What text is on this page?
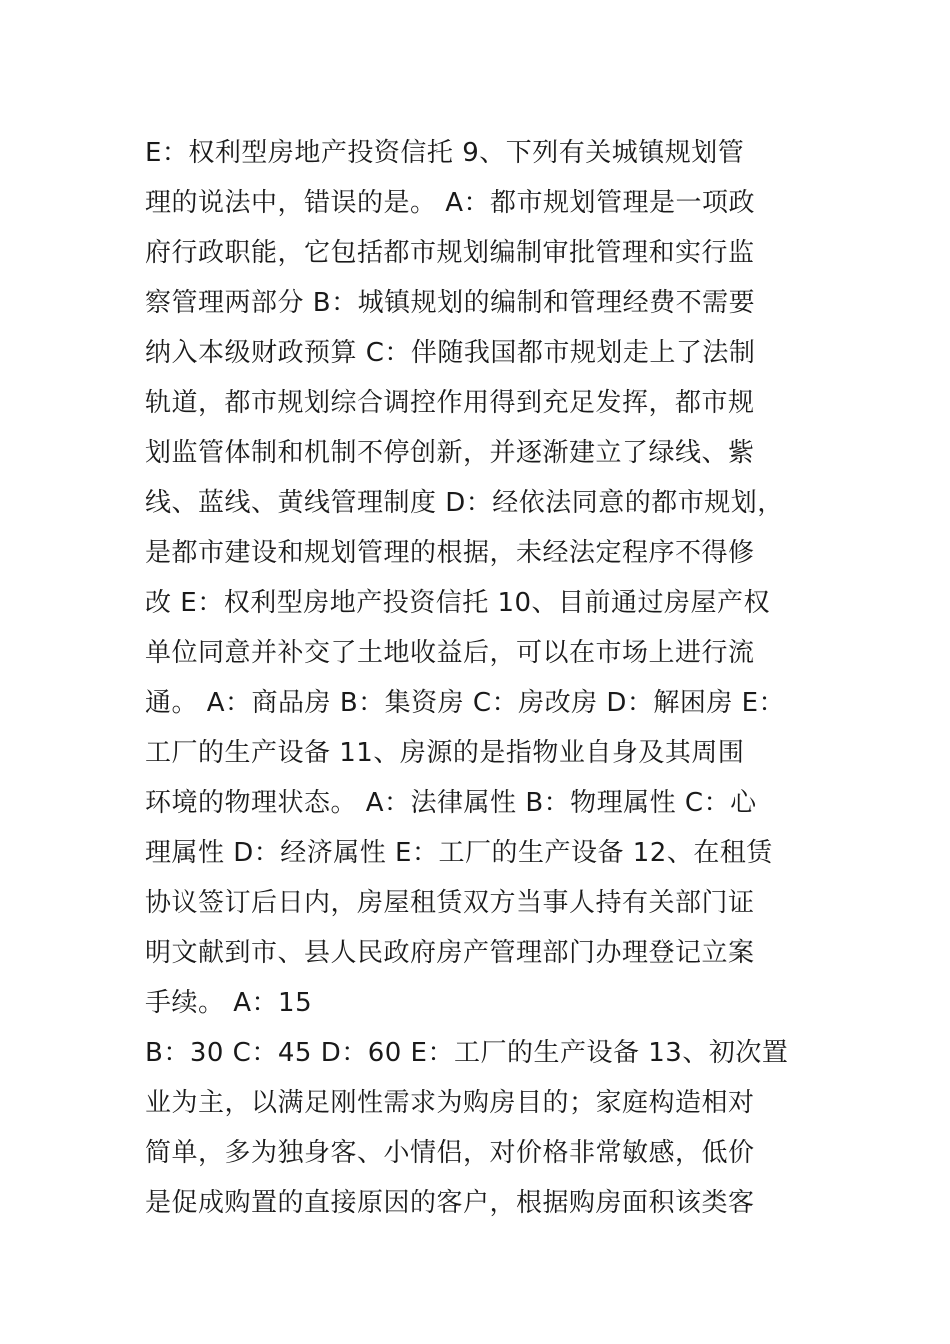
E：权利型房地产投资信托 9、下列有关城镇规划管
理的说法中，错误的是。 A：都市规划管理是一项政
府行政职能，它包括都市规划编制审批管理和实行监
察管理两部分 B：城镇规划的编制和管理经费不需要
纳入本级财政预算 C：伴随我国都市规划走上了法制
轨道，都市规划综合调控作用得到充足发挥，都市规
划监管体制和机制不停创新，并逐渐建立了绿线、紫
线、蓝线、黄线管理制度 D：经依法同意的都市规划，
是都市建设和规划管理的根据，未经法定程序不得修
改 E：权利型房地产投资信托 10、目前通过房屋产权
单位同意并补交了土地收益后，可以在市场上进行流
通。 A：商品房 B：集资房 C：房改房 D：解困房 E：
工厂的生产设备 11、房源的是指物业自身及其周围
环境的物理状态。 A：法律属性 B：物理属性 C：心
理属性 D：经济属性 E：工厂的生产设备 12、在租赁
协议签订后日内，房屋租赁双方当事人持有关部门证
明文献到市、县人民政府房产管理部门办理登记立案
手续。 A：15
B：30 C：45 D：60 E：工厂的生产设备 13、初次置
业为主，以满足刚性需求为购房目的；家庭构造相对
简单，多为独身客、小情侣，对价格非常敏感，低价
是促成购置的直接原因的客户，根据购房面积该类客
